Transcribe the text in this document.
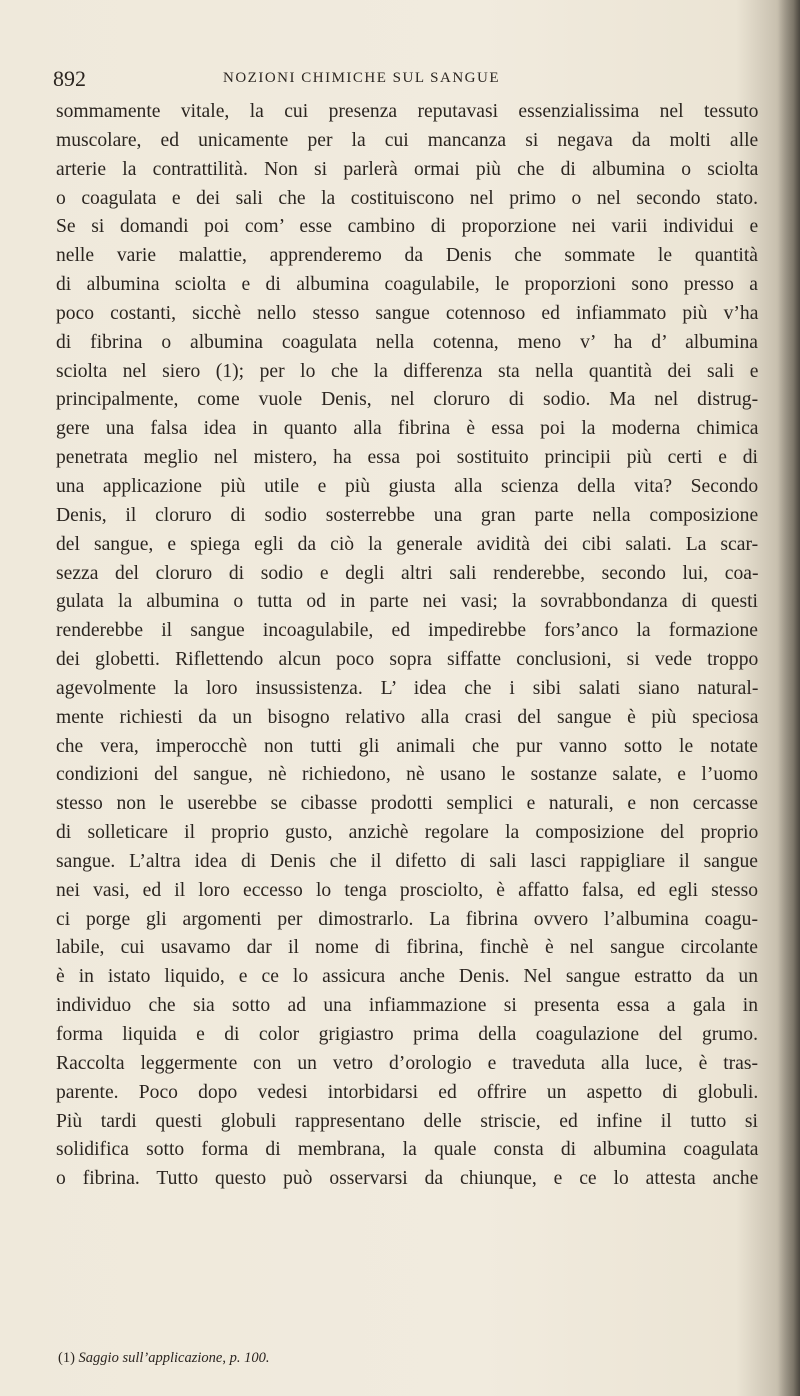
892	NOZIONI CHIMICHE SUL SANGUE
sommamente vitale, la cui presenza reputavasi essenzialissima nel tessuto
muscolare, ed unicamente per la cui mancanza si negava da molti alle
arterie la contrattilità. Non si parlerà ormai più che di albumina o sciolta
o coagulata e dei sali che la costituiscono nel primo o nel secondo stato.
Se si domandi poi com’ esse cambino di proporzione nei varii individui e
nelle varie malattie, apprenderemo da Denis che sommate le quantità
di albumina sciolta e di albumina coagulabile, le proporzioni sono presso a
poco costanti, sicchè nello stesso sangue cotennoso ed infiammato più v’ha
di fibrina o albumina coagulata nella cotenna, meno v’ ha d’ albumina
sciolta nel siero (1); per lo che la differenza sta nella quantità dei sali e
principalmente, come vuole Denis, nel cloruro di sodio. Ma nel distrug-
gere una falsa idea in quanto alla fibrina è essa poi la moderna chimica
penetrata meglio nel mistero, ha essa poi sostituito principii più certi e di
una applicazione più utile e più giusta alla scienza della vita? Secondo
Denis, il cloruro di sodio sosterrebbe una gran parte nella composizione
del sangue, e spiega egli da ciò la generale avidità dei cibi salati. La scar-
sezza del cloruro di sodio e degli altri sali renderebbe, secondo lui, coa-
gulata la albumina o tutta od in parte nei vasi; la sovrabbondanza di questi
renderebbe il sangue incoagulabile, ed impedirebbe fors’anco la formazione
dei globetti. Riflettendo alcun poco sopra siffatte conclusioni, si vede troppo
agevolmente la loro insussistenza. L’ idea che i sibi salati siano natural-
mente richiesti da un bisogno relativo alla crasi del sangue è più speciosa
che vera, imperocchè non tutti gli animali che pur vanno sotto le notate
condizioni del sangue, nè richiedono, nè usano le sostanze salate, e l’uomo
stesso non le userebbe se cibasse prodotti semplici e naturali, e non cercasse
di solleticare il proprio gusto, anzichè regolare la composizione del proprio
sangue. L’altra idea di Denis che il difetto di sali lasci rappigliare il sangue
nei vasi, ed il loro eccesso lo tenga prosciolto, è affatto falsa, ed egli stesso
ci porge gli argomenti per dimostrarlo. La fibrina ovvero l’albumina coagu-
labile, cui usavamo dar il nome di fibrina, finchè è nel sangue circolante
è in istato liquido, e ce lo assicura anche Denis. Nel sangue estratto da un
individuo che sia sotto ad una infiammazione si presenta essa a gala in
forma liquida e di color grigiastro prima della coagulazione del grumo.
Raccolta leggermente con un vetro d’orologio e traveduta alla luce, è tras-
parente. Poco dopo vedesi intorbidarsi ed offrire un aspetto di globuli.
Più tardi questi globuli rappresentano delle striscie, ed infine il tutto si
solidifica sotto forma di membrana, la quale consta di albumina coagulata
o fibrina. Tutto questo può osservarsi da chiunque, e ce lo attesta anche
(1) Saggio sull’applicazione, p. 100.
